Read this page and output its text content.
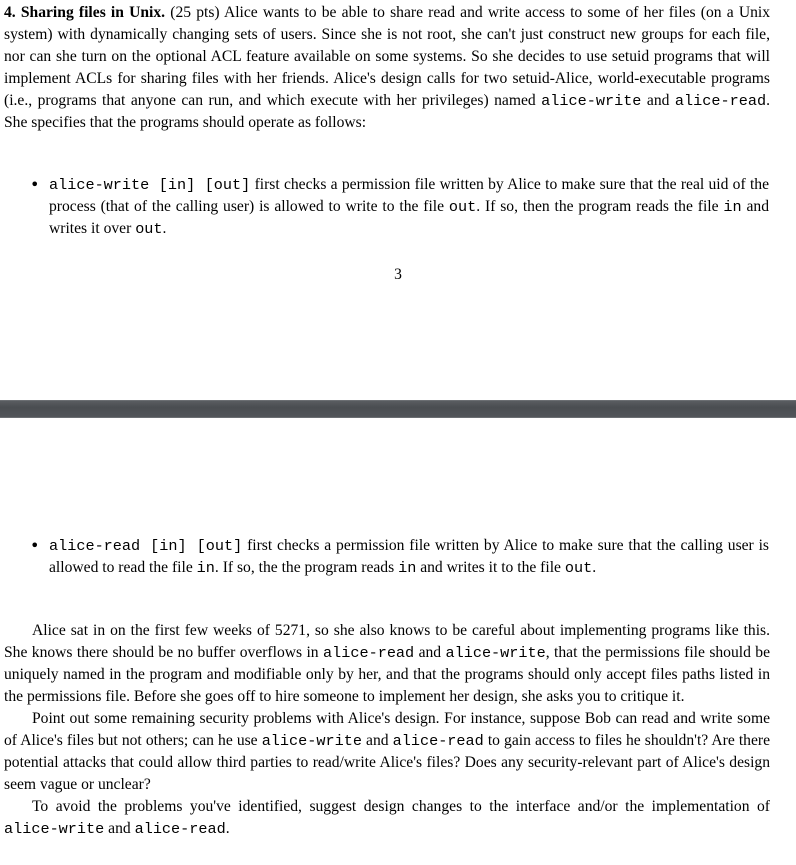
4. Sharing files in Unix. (25 pts) Alice wants to be able to share read and write access to some of her files (on a Unix system) with dynamically changing sets of users. Since she is not root, she can't just construct new groups for each file, nor can she turn on the optional ACL feature available on some systems. So she decides to use setuid programs that will implement ACLs for sharing files with her friends. Alice's design calls for two setuid-Alice, world-executable programs (i.e., programs that anyone can run, and which execute with her privileges) named alice-write and alice-read. She specifies that the programs should operate as follows:

• alice-write [in] [out] first checks a permission file written by Alice to make sure that the real uid of the process (that of the calling user) is allowed to write to the file out. If so, then the program reads the file in and writes it over out.
3
• alice-read [in] [out] first checks a permission file written by Alice to make sure that the calling user is allowed to read the file in. If so, the the program reads in and writes it to the file out.

Alice sat in on the first few weeks of 5271, so she also knows to be careful about implementing programs like this. She knows there should be no buffer overflows in alice-read and alice-write, that the permissions file should be uniquely named in the program and modifiable only by her, and that the programs should only accept files paths listed in the permissions file. Before she goes off to hire someone to implement her design, she asks you to critique it.

Point out some remaining security problems with Alice's design. For instance, suppose Bob can read and write some of Alice's files but not others; can he use alice-write and alice-read to gain access to files he shouldn't? Are there potential attacks that could allow third parties to read/write Alice's files? Does any security-relevant part of Alice's design seem vague or unclear?

To avoid the problems you've identified, suggest design changes to the interface and/or the implementation of alice-write and alice-read.
